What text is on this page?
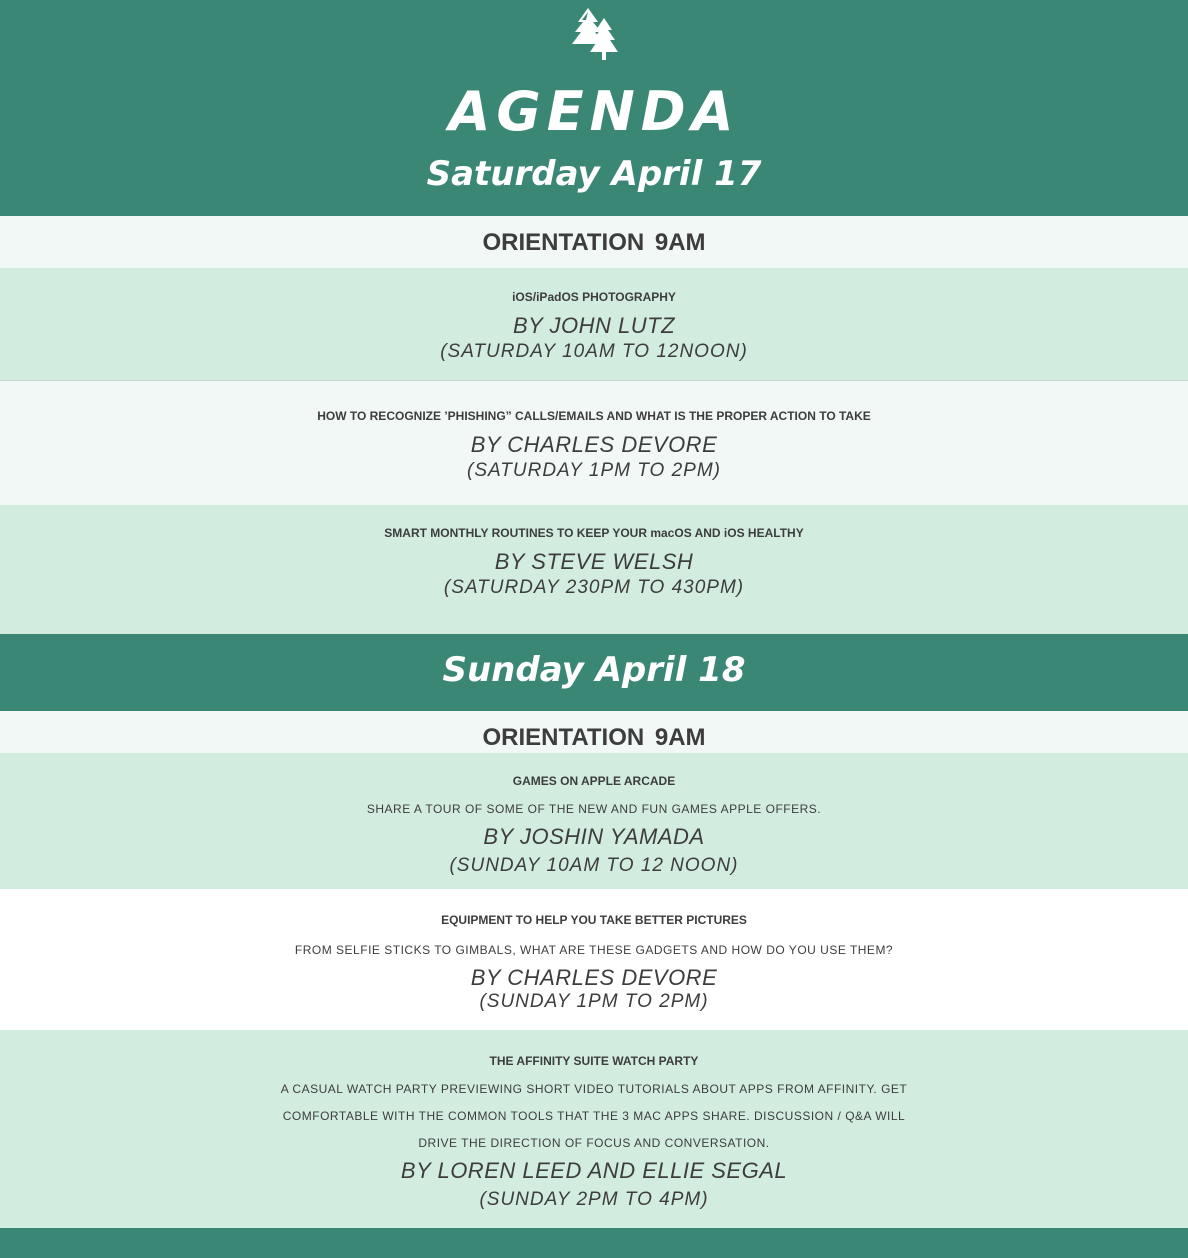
AGENDA
Saturday April 17
ORIENTATION 9AM
iOS/iPadOS PHOTOGRAPHY
BY JOHN LUTZ
(SATURDAY 10AM TO 12NOON)
HOW TO RECOGNIZE ’PHISHING” CALLS/EMAILS AND WHAT IS THE PROPER ACTION TO TAKE
BY CHARLES DEVORE
(SATURDAY 1PM TO 2PM)
SMART MONTHLY ROUTINES TO KEEP YOUR macOS AND iOS HEALTHY
BY STEVE WELSH
(SATURDAY 230PM TO 430PM)
Sunday April 18
ORIENTATION 9AM
GAMES ON APPLE ARCADE
SHARE A TOUR OF SOME OF THE NEW AND FUN GAMES APPLE OFFERS.
BY JOSHIN YAMADA
(SUNDAY 10AM TO 12 NOON)
EQUIPMENT TO HELP YOU TAKE BETTER PICTURES
FROM SELFIE STICKS TO GIMBALS, WHAT ARE THESE GADGETS AND HOW DO YOU USE THEM?
BY CHARLES DEVORE
(SUNDAY 1PM TO 2PM)
THE AFFINITY SUITE WATCH PARTY
A CASUAL WATCH PARTY PREVIEWING SHORT VIDEO TUTORIALS ABOUT APPS FROM AFFINITY. GET
COMFORTABLE WITH THE COMMON TOOLS THAT THE 3 MAC APPS SHARE. DISCUSSION / Q&A WILL
DRIVE THE DIRECTION OF FOCUS AND CONVERSATION.
BY LOREN LEED AND ELLIE SEGAL
(SUNDAY 2PM TO 4PM)
